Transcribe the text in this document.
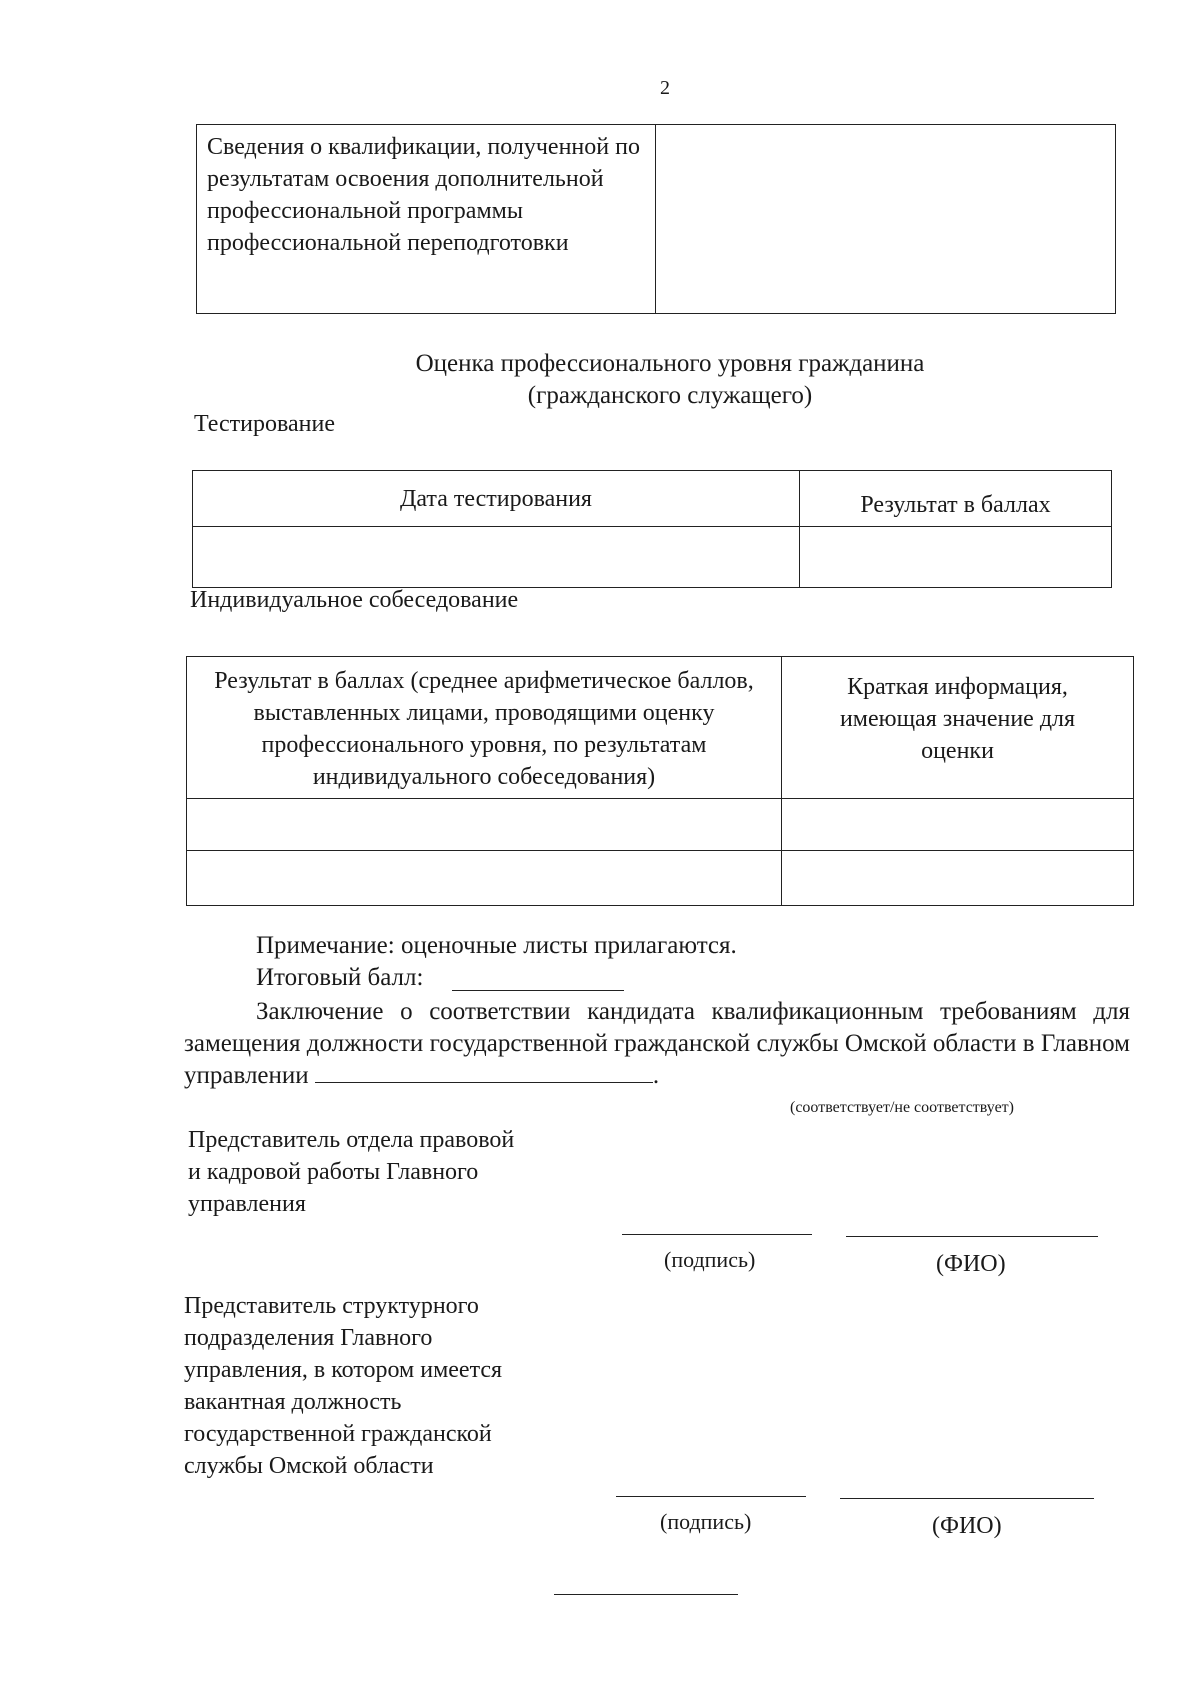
2
Сведения о квалификации, полученной по результатам освоения дополнительной профессиональной программы профессиональной переподготовки	
Оценка профессионального уровня гражданина
(гражданского служащего)
Тестирование
Дата тестирования	Результат в баллах

Индивидуальное собеседование
Результат в баллах (среднее арифметическое баллов, выставленных лицами, проводящими оценку профессионального уровня, по результатам индивидуального собеседования)	Краткая информация, имеющая значение для оценки

Примечание: оценочные листы прилагаются.
Итоговый балл:
Заключение о соответствии кандидата квалификационным требованиям для замещения должности государственной гражданской службы Омской области в Главном управлении	.
(соответствует/не соответствует)
Представитель отдела правовой
и кадровой работы Главного
управления
(подпись)	(ФИО)
Представитель структурного
подразделения Главного
управления, в котором имеется
вакантная должность
государственной гражданской
службы Омской области
(подпись)	(ФИО)
